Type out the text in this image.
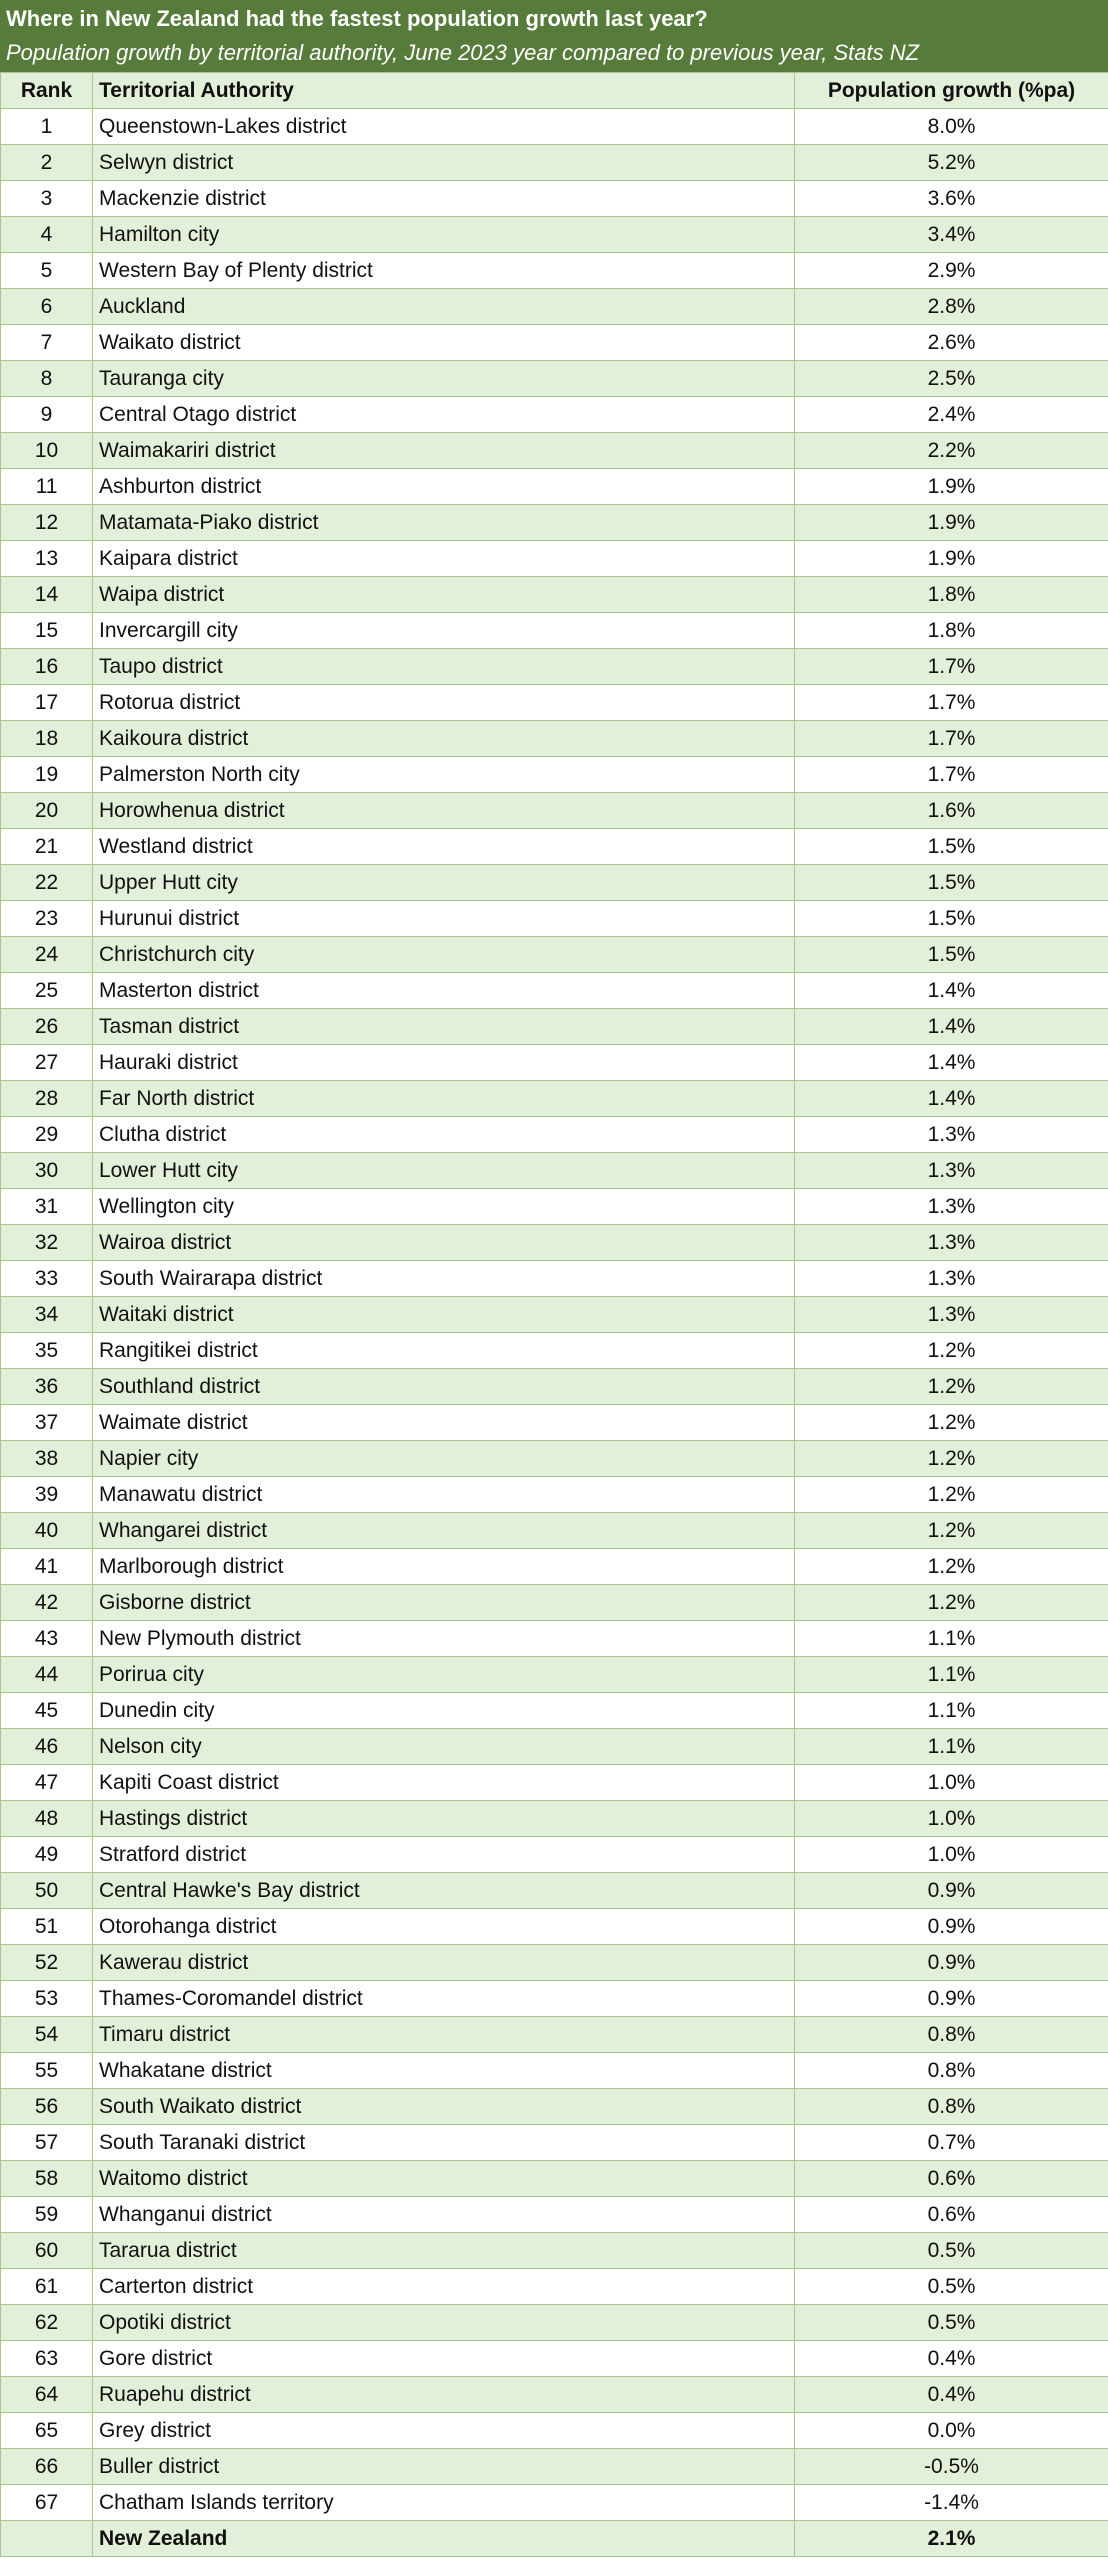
Where in New Zealand had the fastest population growth last year?
Population growth by territorial authority, June 2023 year compared to previous year, Stats NZ
Rank	Territorial Authority	Population growth (%pa)
1	Queenstown-Lakes district	8.0%
2	Selwyn district	5.2%
3	Mackenzie district	3.6%
4	Hamilton city	3.4%
5	Western Bay of Plenty district	2.9%
6	Auckland	2.8%
7	Waikato district	2.6%
8	Tauranga city	2.5%
9	Central Otago district	2.4%
10	Waimakariri district	2.2%
11	Ashburton district	1.9%
12	Matamata-Piako district	1.9%
13	Kaipara district	1.9%
14	Waipa district	1.8%
15	Invercargill city	1.8%
16	Taupo district	1.7%
17	Rotorua district	1.7%
18	Kaikoura district	1.7%
19	Palmerston North city	1.7%
20	Horowhenua district	1.6%
21	Westland district	1.5%
22	Upper Hutt city	1.5%
23	Hurunui district	1.5%
24	Christchurch city	1.5%
25	Masterton district	1.4%
26	Tasman district	1.4%
27	Hauraki district	1.4%
28	Far North district	1.4%
29	Clutha district	1.3%
30	Lower Hutt city	1.3%
31	Wellington city	1.3%
32	Wairoa district	1.3%
33	South Wairarapa district	1.3%
34	Waitaki district	1.3%
35	Rangitikei district	1.2%
36	Southland district	1.2%
37	Waimate district	1.2%
38	Napier city	1.2%
39	Manawatu district	1.2%
40	Whangarei district	1.2%
41	Marlborough district	1.2%
42	Gisborne district	1.2%
43	New Plymouth district	1.1%
44	Porirua city	1.1%
45	Dunedin city	1.1%
46	Nelson city	1.1%
47	Kapiti Coast district	1.0%
48	Hastings district	1.0%
49	Stratford district	1.0%
50	Central Hawke's Bay district	0.9%
51	Otorohanga district	0.9%
52	Kawerau district	0.9%
53	Thames-Coromandel district	0.9%
54	Timaru district	0.8%
55	Whakatane district	0.8%
56	South Waikato district	0.8%
57	South Taranaki district	0.7%
58	Waitomo district	0.6%
59	Whanganui district	0.6%
60	Tararua district	0.5%
61	Carterton district	0.5%
62	Opotiki district	0.5%
63	Gore district	0.4%
64	Ruapehu district	0.4%
65	Grey district	0.0%
66	Buller district	-0.5%
67	Chatham Islands territory	-1.4%
	New Zealand	2.1%
